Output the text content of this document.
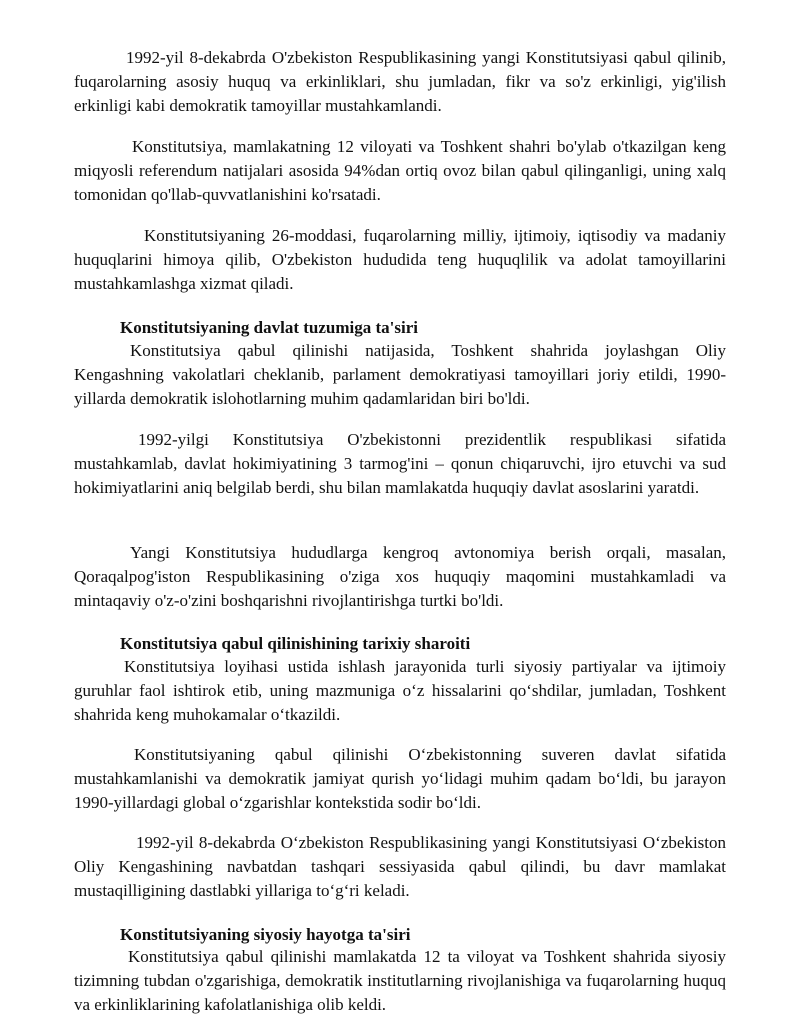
1992-yil 8-dekabrda O'zbekiston Respublikasining yangi Konstitutsiyasi qabul qilinib, fuqarolarning asosiy huquq va erkinliklari, shu jumladan, fikr va so'z erkinligi, yig'ilish erkinligi kabi demokratik tamoyillar mustahkamlandi.

Konstitutsiya, mamlakatning 12 viloyati va Toshkent shahri bo'ylab o'tkazilgan keng miqyosli referendum natijalari asosida 94%dan ortiq ovoz bilan qabul qilinganligi, uning xalq tomonidan qo'llab-quvvatlanishini ko'rsatadi.

Konstitutsiyaning 26-moddasi, fuqarolarning milliy, ijtimoiy, iqtisodiy va madaniy huquqlarini himoya qilib, O'zbekiston hududida teng huquqlilik va adolat tamoyillarini mustahkamlashga xizmat qiladi.

Konstitutsiyaning davlat tuzumiga ta'siri

Konstitutsiya qabul qilinishi natijasida, Toshkent shahrida joylashgan Oliy Kengashning vakolatlari cheklanib, parlament demokratiyasi tamoyillari joriy etildi, 1990-yillarda demokratik islohotlarning muhim qadamlaridan biri bo'ldi.

1992-yilgi Konstitutsiya O'zbekistonni prezidentlik respublikasi sifatida mustahkamlab, davlat hokimiyatining 3 tarmog'ini – qonun chiqaruvchi, ijro etuvchi va sud hokimiyatlarini aniq belgilab berdi, shu bilan mamlakatda huquqiy davlat asoslarini yaratdi.

Yangi Konstitutsiya hududlarga kengroq avtonomiya berish orqali, masalan, Qoraqalpog'iston Respublikasining o'ziga xos huquqiy maqomini mustahkamladi va mintaqaviy o'z-o'zini boshqarishni rivojlantirishga turtki bo'ldi.

Konstitutsiya qabul qilinishining tarixiy sharoiti

Konstitutsiya loyihasi ustida ishlash jarayonida turli siyosiy partiyalar va ijtimoiy guruhlar faol ishtirok etib, uning mazmuniga o‘z hissalarini qo‘shdilar, jumladan, Toshkent shahrida keng muhokamalar o‘tkazildi.

Konstitutsiyaning qabul qilinishi O‘zbekistonning suveren davlat sifatida mustahkamlanishi va demokratik jamiyat qurish yo‘lidagi muhim qadam bo‘ldi, bu jarayon 1990-yillardagi global o‘zgarishlar kontekstida sodir bo‘ldi.

1992-yil 8-dekabrda O‘zbekiston Respublikasining yangi Konstitutsiyasi O‘zbekiston Oliy Kengashining navbatdan tashqari sessiyasida qabul qilindi, bu davr mamlakat mustaqilligining dastlabki yillariga to‘g‘ri keladi.

Konstitutsiyaning siyosiy hayotga ta'siri

Konstitutsiya qabul qilinishi mamlakatda 12 ta viloyat va Toshkent shahrida siyosiy tizimning tubdan o'zgarishiga, demokratik institutlarning rivojlanishiga va fuqarolarning huquq va erkinliklarining kafolatlanishiga olib keldi.
